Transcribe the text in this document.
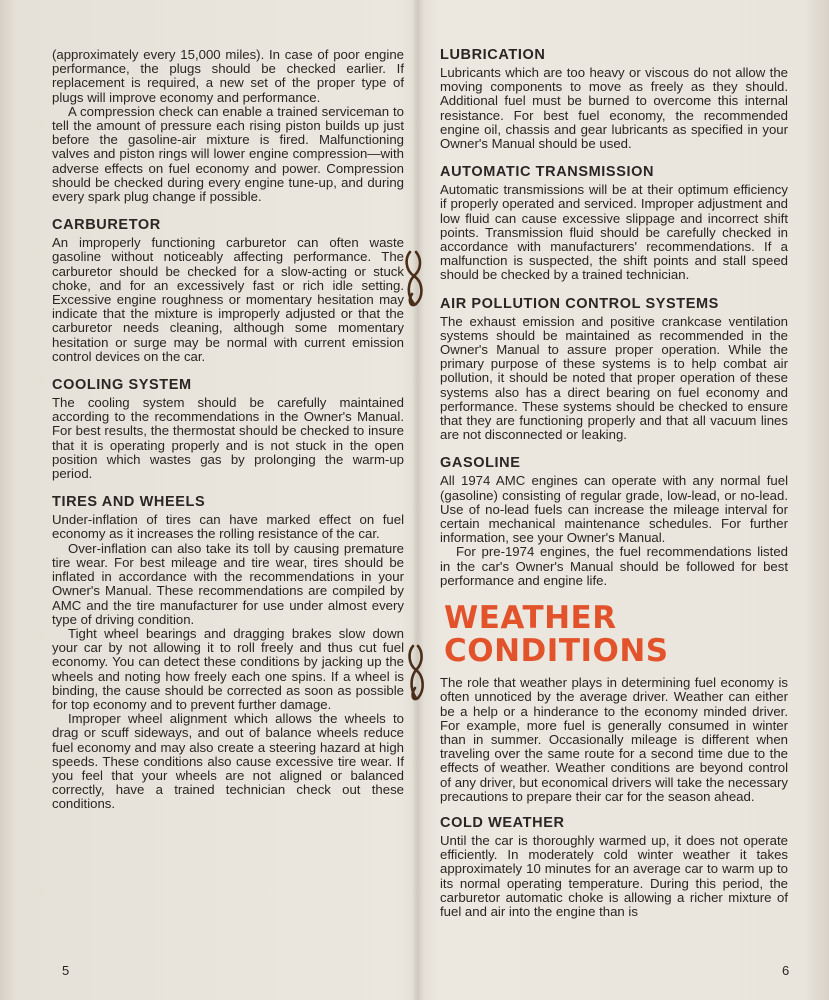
(approximately every 15,000 miles). In case of poor engine performance, the plugs should be checked earlier. If replacement is required, a new set of the proper type of plugs will improve economy and performance.

A compression check can enable a trained serviceman to tell the amount of pressure each rising piston builds up just before the gasoline-air mixture is fired. Malfunctioning valves and piston rings will lower engine compression—with adverse effects on fuel economy and power. Compression should be checked during every engine tune-up, and during every spark plug change if possible.

CARBURETOR

An improperly functioning carburetor can often waste gasoline without noticeably affecting performance. The carburetor should be checked for a slow-acting or stuck choke, and for an excessively fast or rich idle setting. Excessive engine roughness or momentary hesitation may indicate that the mixture is improperly adjusted or that the carburetor needs cleaning, although some momentary hesitation or surge may be normal with current emission control devices on the car.

COOLING SYSTEM

The cooling system should be carefully maintained according to the recommendations in the Owner's Manual. For best results, the thermostat should be checked to insure that it is operating properly and is not stuck in the open position which wastes gas by prolonging the warm-up period.

TIRES AND WHEELS

Under-inflation of tires can have marked effect on fuel economy as it increases the rolling resistance of the car.

Over-inflation can also take its toll by causing premature tire wear. For best mileage and tire wear, tires should be inflated in accordance with the recommendations in your Owner's Manual. These recommendations are compiled by AMC and the tire manufacturer for use under almost every type of driving condition.

Tight wheel bearings and dragging brakes slow down your car by not allowing it to roll freely and thus cut fuel economy. You can detect these conditions by jacking up the wheels and noting how freely each one spins. If a wheel is binding, the cause should be corrected as soon as possible for top economy and to prevent further damage.

Improper wheel alignment which allows the wheels to drag or scuff sideways, and out of balance wheels reduce fuel economy and may also create a steering hazard at high speeds. These conditions also cause excessive tire wear. If you feel that your wheels are not aligned or balanced correctly, have a trained technician check out these conditions.

5
LUBRICATION

Lubricants which are too heavy or viscous do not allow the moving components to move as freely as they should. Additional fuel must be burned to overcome this internal resistance. For best fuel economy, the recommended engine oil, chassis and gear lubricants as specified in your Owner's Manual should be used.

AUTOMATIC TRANSMISSION

Automatic transmissions will be at their optimum efficiency if properly operated and serviced. Improper adjustment and low fluid can cause excessive slippage and incorrect shift points. Transmission fluid should be carefully checked in accordance with manufacturers' recommendations. If a malfunction is suspected, the shift points and stall speed should be checked by a trained technician.

AIR POLLUTION CONTROL SYSTEMS

The exhaust emission and positive crankcase ventilation systems should be maintained as recommended in the Owner's Manual to assure proper operation. While the primary purpose of these systems is to help combat air pollution, it should be noted that proper operation of these systems also has a direct bearing on fuel economy and performance. These systems should be checked to ensure that they are functioning properly and that all vacuum lines are not disconnected or leaking.

GASOLINE

All 1974 AMC engines can operate with any normal fuel (gasoline) consisting of regular grade, low-lead, or no-lead. Use of no-lead fuels can increase the mileage interval for certain mechanical maintenance schedules. For further information, see your Owner's Manual.

For pre-1974 engines, the fuel recommendations listed in the car's Owner's Manual should be followed for best performance and engine life.

WEATHER
CONDITIONS

The role that weather plays in determining fuel economy is often unnoticed by the average driver. Weather can either be a help or a hinderance to the economy minded driver. For example, more fuel is generally consumed in winter than in summer. Occasionally mileage is different when traveling over the same route for a second time due to the effects of weather. Weather conditions are beyond control of any driver, but economical drivers will take the necessary precautions to prepare their car for the season ahead.

COLD WEATHER

Until the car is thoroughly warmed up, it does not operate efficiently. In moderately cold winter weather it takes approximately 10 minutes for an average car to warm up to its normal operating temperature. During this period, the carburetor automatic choke is allowing a richer mixture of fuel and air into the engine than is

6
